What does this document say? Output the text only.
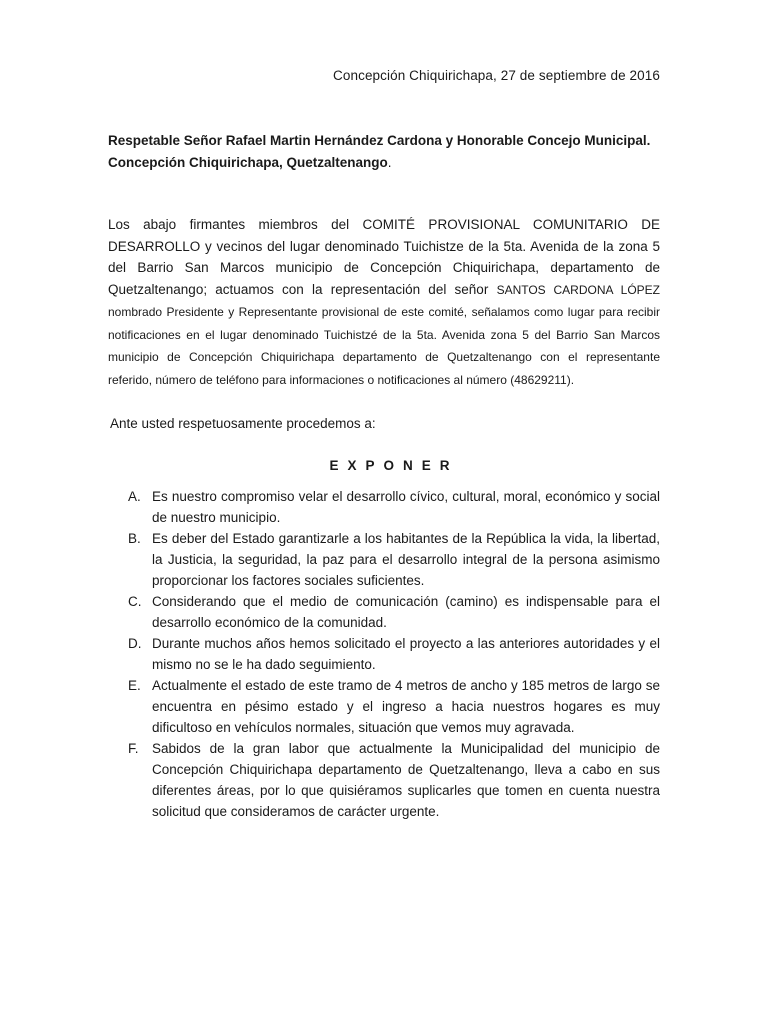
Concepción Chiquirichapa, 27 de septiembre de 2016
Respetable Señor Rafael Martin Hernández Cardona y Honorable Concejo Municipal.
Concepción Chiquirichapa, Quetzaltenango.
Los abajo firmantes miembros del COMITÉ PROVISIONAL COMUNITARIO DE DESARROLLO y vecinos del lugar denominado Tuichistze de la 5ta. Avenida de la zona 5 del Barrio San Marcos municipio de Concepción Chiquirichapa, departamento de Quetzaltenango; actuamos con la representación del señor SANTOS CARDONA LÓPEZ nombrado Presidente y Representante provisional de este comité, señalamos como lugar para recibir notificaciones en el lugar denominado Tuichistzé de la 5ta. Avenida zona 5 del Barrio San Marcos municipio de Concepción Chiquirichapa departamento de Quetzaltenango con el representante referido, número de teléfono para informaciones o notificaciones al número (48629211).
Ante usted respetuosamente procedemos a:
EXPONER
A. Es nuestro compromiso velar el desarrollo cívico, cultural, moral, económico y social de nuestro municipio.
B. Es deber del Estado garantizarle a los habitantes de la República la vida, la libertad, la Justicia, la seguridad, la paz para el desarrollo integral de la persona asimismo proporcionar los factores sociales suficientes.
C. Considerando que el medio de comunicación (camino) es indispensable para el desarrollo económico de la comunidad.
D. Durante muchos años hemos solicitado el proyecto a las anteriores autoridades y el mismo no se le ha dado seguimiento.
E. Actualmente el estado de este tramo de 4 metros de ancho y 185 metros de largo se encuentra en pésimo estado y el ingreso a hacia nuestros hogares es muy dificultoso en vehículos normales, situación que vemos muy agravada.
F. Sabidos de la gran labor que actualmente la Municipalidad del municipio de Concepción Chiquirichapa departamento de Quetzaltenango, lleva a cabo en sus diferentes áreas, por lo que quisiéramos suplicarles que tomen en cuenta nuestra solicitud que consideramos de carácter urgente.
